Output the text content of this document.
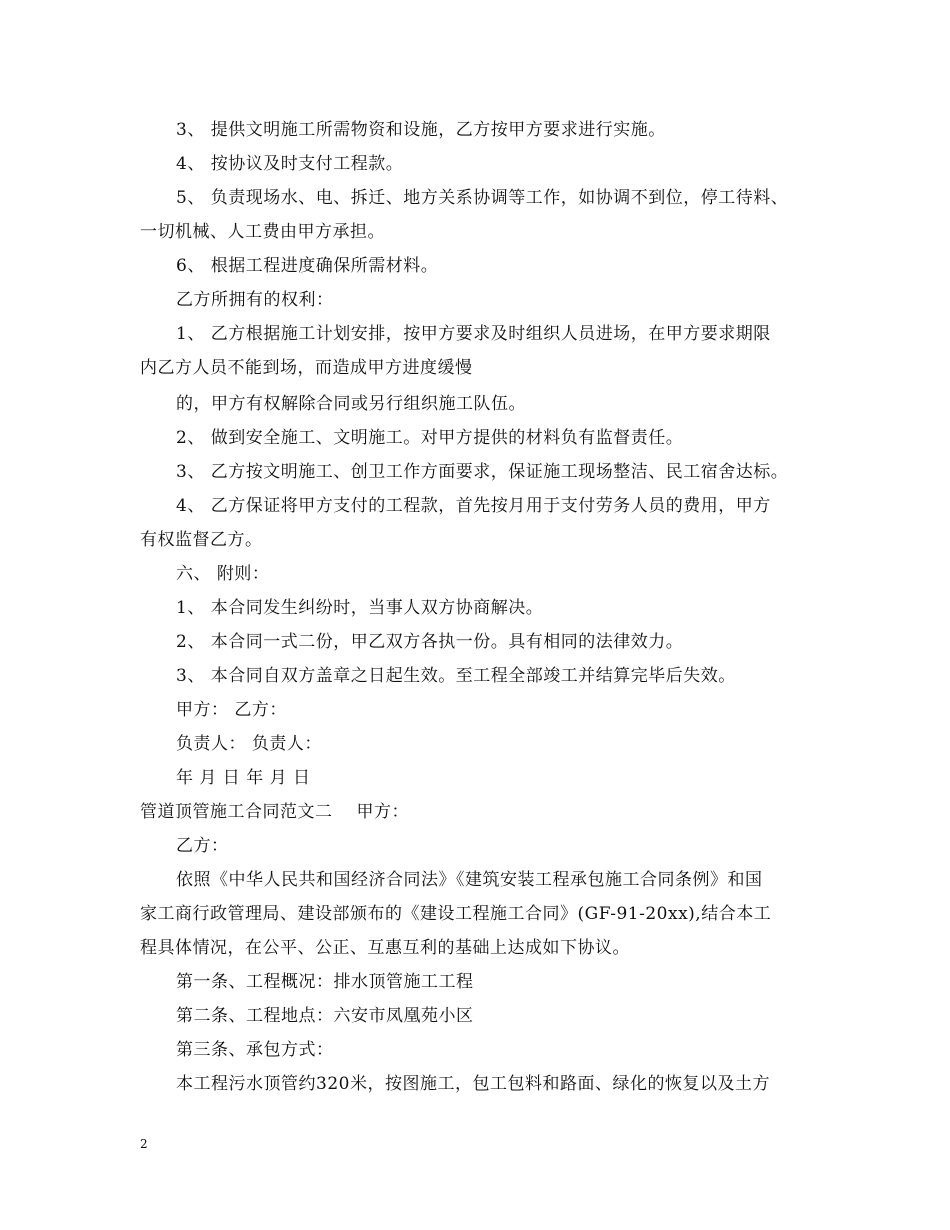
3、 提供文明施工所需物资和设施，乙方按甲方要求进行实施。
4、 按协议及时支付工程款。
5、 负责现场水、电、拆迁、地方关系协调等工作，如协调不到位，停工待料、
一切机械、人工费由甲方承担。
6、 根据工程进度确保所需材料。
乙方所拥有的权利：
1、 乙方根据施工计划安排，按甲方要求及时组织人员进场，在甲方要求期限
内乙方人员不能到场，而造成甲方进度缓慢
的，甲方有权解除合同或另行组织施工队伍。
2、 做到安全施工、文明施工。对甲方提供的材料负有监督责任。
3、 乙方按文明施工、创卫工作方面要求，保证施工现场整洁、民工宿舍达标。
4、 乙方保证将甲方支付的工程款，首先按月用于支付劳务人员的费用，甲方
有权监督乙方。
六、 附则：
1、 本合同发生纠纷时，当事人双方协商解决。
2、 本合同一式二份，甲乙双方各执一份。具有相同的法律效力。
3、 本合同自双方盖章之日起生效。至工程全部竣工并结算完毕后失效。
甲方： 乙方：
负责人： 负责人：
年 月 日 年 月 日
管道顶管施工合同范文二 甲方：
乙方：
依照《中华人民共和国经济合同法》《建筑安装工程承包施工合同条例》和国
家工商行政管理局、建设部颁布的《建设工程施工合同》(GF-91-20xx),结合本工
程具体情况，在公平、公正、互惠互利的基础上达成如下协议。
第一条、工程概况：排水顶管施工工程
第二条、工程地点：六安市凤凰苑小区
第三条、承包方式：
本工程污水顶管约320米，按图施工，包工包料和路面、绿化的恢复以及土方
2
